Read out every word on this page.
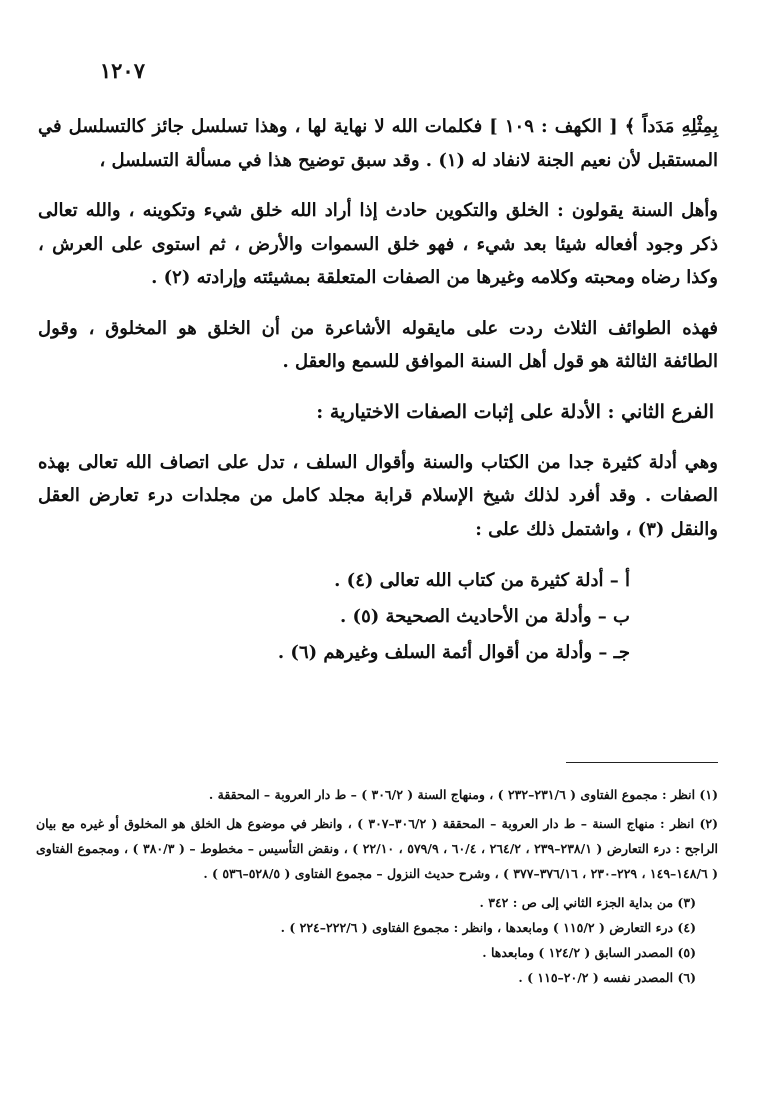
١٢٠٧

بِمِثْلِهِ مَدَداً ﴾ [ الكهف : ١٠٩ ] فكلمات الله لا نهاية لها ، وهذا تسلسل جائز كالتسلسل في المستقبل لأن نعيم الجنة لانفاد له (١) . وقد سبق توضيح هذا في مسألة التسلسل ،

وأهل السنة يقولون : الخلق والتكوين حادث إذا أراد الله خلق شيء وتكوينه ، والله تعالى ذكر وجود أفعاله شيئا بعد شيء ، فهو خلق السموات والأرض ، ثم استوى على العرش ، وكذا رضاه ومحبته وكلامه وغيرها من الصفات المتعلقة بمشيئته وإرادته (٢) .

فهذه الطوائف الثلاث ردت على مايقوله الأشاعرة من أن الخلق هو المخلوق ، وقول الطائفة الثالثة هو قول أهل السنة الموافق للسمع والعقل .

الفرع الثاني : الأدلة على إثبات الصفات الاختيارية :

وهي أدلة كثيرة جدا من الكتاب والسنة وأقوال السلف ، تدل على اتصاف الله تعالى بهذه الصفات . وقد أفرد لذلك شيخ الإسلام قرابة مجلد كامل من مجلدات درء تعارض العقل والنقل (٣) ، واشتمل ذلك على :

أ – أدلة كثيرة من كتاب الله تعالى (٤) .
ب – وأدلة من الأحاديث الصحيحة (٥) .
جـ – وأدلة من أقوال أئمة السلف وغيرهم (٦) .

(١) انظر : مجموع الفتاوى ( ٢٣١/٦–٢٣٢ ) ، ومنهاج السنة ( ٣٠٦/٢ ) – ط دار العروبة – المحققة .

(٢) انظر : منهاج السنة – ط دار العروبة – المحققة ( ٣٠٦/٢–٣٠٧ ) ، وانظر في موضوع هل الخلق هو المخلوق أو غيره مع بيان الراجح : درء التعارض ( ٢٣٨/١–٢٣٩ ، ٢٦٤/٢ ، ٦٠/٤ ، ٥٧٩/٩ ، ٢٢/١٠ ) ، ونقض التأسيس – مخطوط – ( ٣٨٠/٣ ) ، ومجموع الفتاوى ( ١٤٨/٦–١٤٩ ، ٢٢٩–٢٣٠ ، ٣٧٦/١٦–٣٧٧ ) ، وشرح حديث النزول – مجموع الفتاوى ( ٥٢٨/٥–٥٣٦ ) .

(٣) من بداية الجزء الثاني إلى ص : ٣٤٢ .

(٤) درء التعارض ( ١١٥/٢ ) ومابعدها ، وانظر : مجموع الفتاوى ( ٢٢٢/٦–٢٢٤ ) .

(٥) المصدر السابق ( ١٢٤/٢ ) ومابعدها .

(٦) المصدر نفسه ( ٢٠/٢–١١٥ ) .
